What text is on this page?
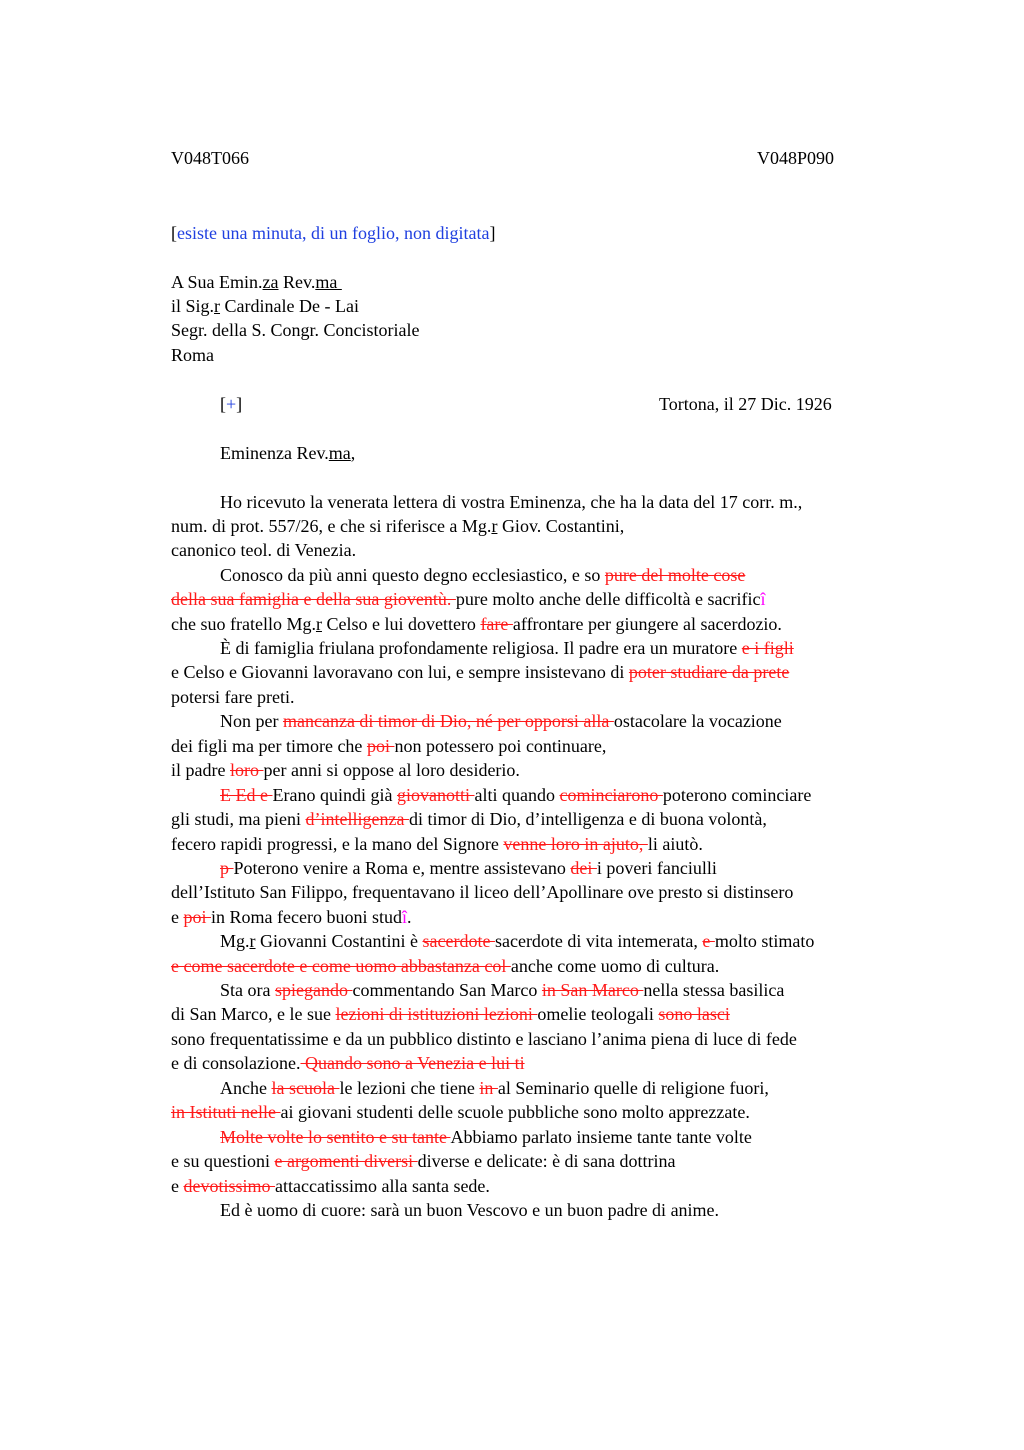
V048T066	V048P090
[esiste una minuta, di un foglio, non digitata]
A Sua Emin.za Rev.ma
il Sig.r Cardinale De - Lai
Segr. della S. Congr. Concistoriale
Roma
[+]	Tortona, il 27 Dic. 1926
Eminenza Rev.ma,
Ho ricevuto la venerata lettera di vostra Eminenza, che ha la data del 17 corr. m.,
num. di prot. 557/26, e che si riferisce a Mg.r Giov. Costantini,
canonico teol. di Venezia.
Conosco da più anni questo degno ecclesiastico, e so pure del molte cose
della sua famiglia e della sua gioventù. pure molto anche delle difficoltà e sacrificî
che suo fratello Mg.r Celso e lui dovettero fare affrontare per giungere al sacerdozio.
È di famiglia friulana profondamente religiosa. Il padre era un muratore e i figli
e Celso e Giovanni lavoravano con lui, e sempre insistevano di poter studiare da prete
potersi fare preti.
Non per mancanza di timor di Dio, né per opporsi alla ostacolare la vocazione
dei figli ma per timore che poi non potessero poi continuare,
il padre loro per anni si oppose al loro desiderio.
E Ed e Erano quindi già giovanotti alti quando cominciarono poterono cominciare
gli studi, ma pieni d’intelligenza di timor di Dio, d’intelligenza e di buona volontà,
fecero rapidi progressi, e la mano del Signore venne loro in ajuto, li aiutò.
p Poterono venire a Roma e, mentre assistevano dei i poveri fanciulli
dell’Istituto San Filippo, frequentavano il liceo dell’Apollinare ove presto si distinsero
e poi in Roma fecero buoni studî.
Mg.r Giovanni Costantini è sacerdote sacerdote di vita intemerata, e molto stimato
e come sacerdote e come uomo abbastanza col anche come uomo di cultura.
Sta ora spiegando commentando San Marco in San Marco nella stessa basilica
di San Marco, e le sue lezioni di istituzioni lezioni omelie teologali sono lasci
sono frequentatissime e da un pubblico distinto e lasciano l’anima piena di luce di fede
e di consolazione. Quando sono a Venezia e lui ti
Anche la scuola le lezioni che tiene in al Seminario quelle di religione fuori,
in Istituti nelle ai giovani studenti delle scuole pubbliche sono molto apprezzate.
Molte volte lo sentito e su tante Abbiamo parlato insieme tante tante volte
e su questioni e argomenti diversi diverse e delicate: è di sana dottrina
e devotissimo attaccatissimo alla santa sede.
Ed è uomo di cuore: sarà un buon Vescovo e un buon padre di anime.
